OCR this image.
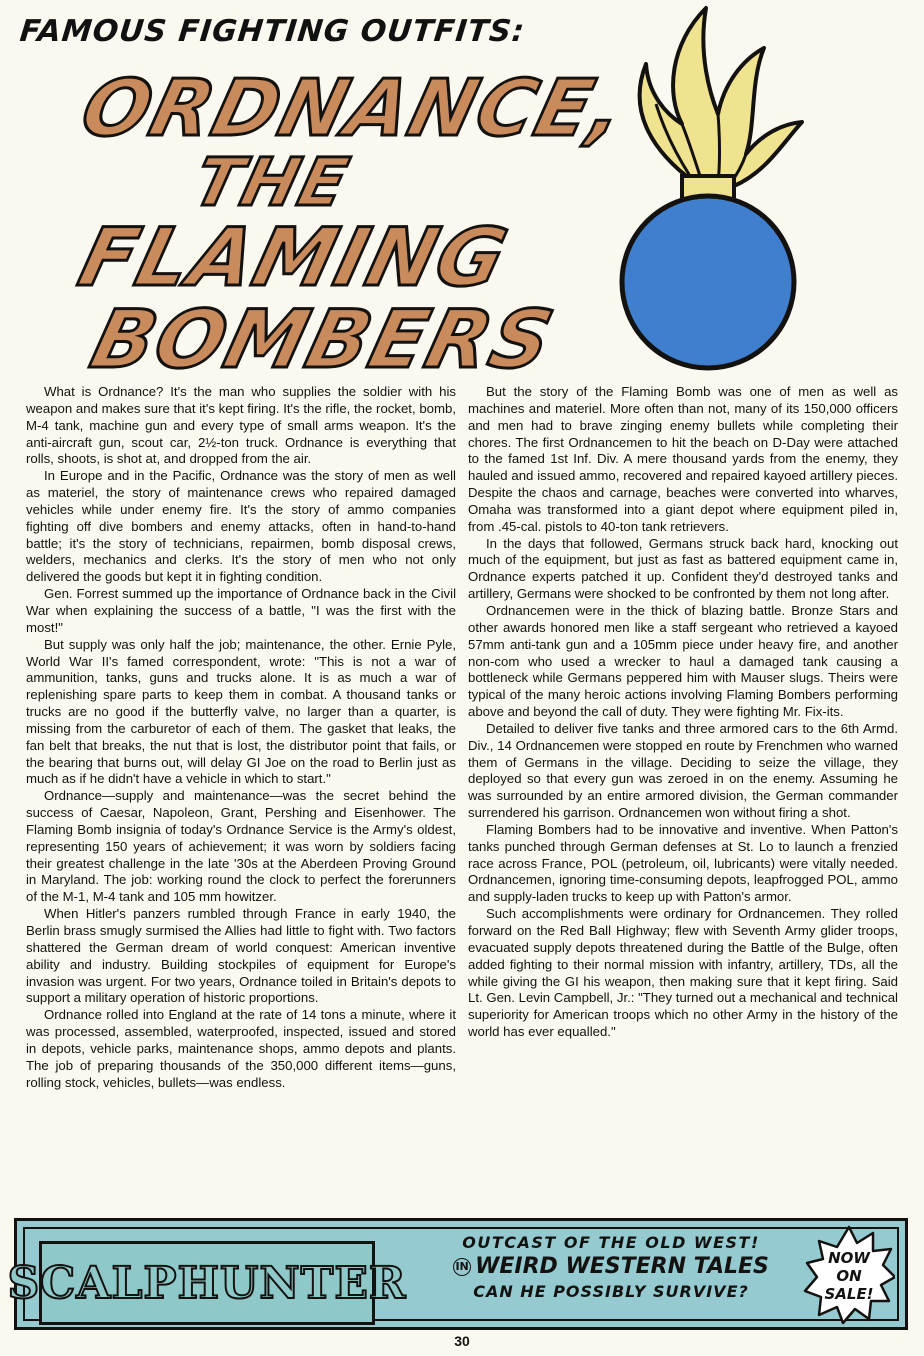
FAMOUS FIGHTING OUTFITS:
ORDNANCE,
THE
FLAMING
BOMBERS

What is Ordnance? It's the man who supplies the soldier with his weapon and makes sure that it's kept firing. It's the rifle, the rocket, bomb, M-4 tank, machine gun and every type of small arms weapon. It's the anti-aircraft gun, scout car, 2½-ton truck. Ordnance is everything that rolls, shoots, is shot at, and dropped from the air.

In Europe and in the Pacific, Ordnance was the story of men as well as materiel, the story of maintenance crews who repaired damaged vehicles while under enemy fire. It's the story of ammo companies fighting off dive bombers and enemy attacks, often in hand-to-hand battle; it's the story of technicians, repairmen, bomb disposal crews, welders, mechanics and clerks. It's the story of men who not only delivered the goods but kept it in fighting condition.

Gen. Forrest summed up the importance of Ordnance back in the Civil War when explaining the success of a battle, "I was the first with the most!"

But supply was only half the job; maintenance, the other. Ernie Pyle, World War II's famed correspondent, wrote: "This is not a war of ammunition, tanks, guns and trucks alone. It is as much a war of replenishing spare parts to keep them in combat. A thousand tanks or trucks are no good if the butterfly valve, no larger than a quarter, is missing from the carburetor of each of them. The gasket that leaks, the fan belt that breaks, the nut that is lost, the distributor point that fails, or the bearing that burns out, will delay GI Joe on the road to Berlin just as much as if he didn't have a vehicle in which to start."

Ordnance—supply and maintenance—was the secret behind the success of Caesar, Napoleon, Grant, Pershing and Eisenhower. The Flaming Bomb insignia of today's Ordnance Service is the Army's oldest, representing 150 years of achievement; it was worn by soldiers facing their greatest challenge in the late '30s at the Aberdeen Proving Ground in Maryland. The job: working round the clock to perfect the forerunners of the M-1, M-4 tank and 105 mm howitzer.

When Hitler's panzers rumbled through France in early 1940, the Berlin brass smugly surmised the Allies had little to fight with. Two factors shattered the German dream of world conquest: American inventive ability and industry. Building stockpiles of equipment for Europe's invasion was urgent. For two years, Ordnance toiled in Britain's depots to support a military operation of historic proportions.

Ordnance rolled into England at the rate of 14 tons a minute, where it was processed, assembled, waterproofed, inspected, issued and stored in depots, vehicle parks, maintenance shops, ammo depots and plants. The job of preparing thousands of the 350,000 different items—guns, rolling stock, vehicles, bullets—was endless.

But the story of the Flaming Bomb was one of men as well as machines and materiel. More often than not, many of its 150,000 officers and men had to brave zinging enemy bullets while completing their chores. The first Ordnancemen to hit the beach on D-Day were attached to the famed 1st Inf. Div. A mere thousand yards from the enemy, they hauled and issued ammo, recovered and repaired kayoed artillery pieces. Despite the chaos and carnage, beaches were converted into wharves, Omaha was transformed into a giant depot where equipment piled in, from .45-cal. pistols to 40-ton tank retrievers.

In the days that followed, Germans struck back hard, knocking out much of the equipment, but just as fast as battered equipment came in, Ordnance experts patched it up. Confident they'd destroyed tanks and artillery, Germans were shocked to be confronted by them not long after.

Ordnancemen were in the thick of blazing battle. Bronze Stars and other awards honored men like a staff sergeant who retrieved a kayoed 57mm anti-tank gun and a 105mm piece under heavy fire, and another non-com who used a wrecker to haul a damaged tank causing a bottleneck while Germans peppered him with Mauser slugs. Theirs were typical of the many heroic actions involving Flaming Bombers performing above and beyond the call of duty. They were fighting Mr. Fix-its.

Detailed to deliver five tanks and three armored cars to the 6th Armd. Div., 14 Ordnancemen were stopped en route by Frenchmen who warned them of Germans in the village. Deciding to seize the village, they deployed so that every gun was zeroed in on the enemy. Assuming he was surrounded by an entire armored division, the German commander surrendered his garrison. Ordnancemen won without firing a shot.

Flaming Bombers had to be innovative and inventive. When Patton's tanks punched through German defenses at St. Lo to launch a frenzied race across France, POL (petroleum, oil, lubricants) were vitally needed. Ordnancemen, ignoring time-consuming depots, leapfrogged POL, ammo and supply-laden trucks to keep up with Patton's armor.

Such accomplishments were ordinary for Ordnancemen. They rolled forward on the Red Ball Highway; flew with Seventh Army glider troops, evacuated supply depots threatened during the Battle of the Bulge, often added fighting to their normal mission with infantry, artillery, TDs, all the while giving the GI his weapon, then making sure that it kept firing. Said Lt. Gen. Levin Campbell, Jr.: "They turned out a mechanical and technical superiority for American troops which no other Army in the history of the world has ever equalled."

SCALPHUNTER
OUTCAST OF THE OLD WEST!
IN WEIRD WESTERN TALES
CAN HE POSSIBLY SURVIVE?
NOW
ON
SALE!
30
